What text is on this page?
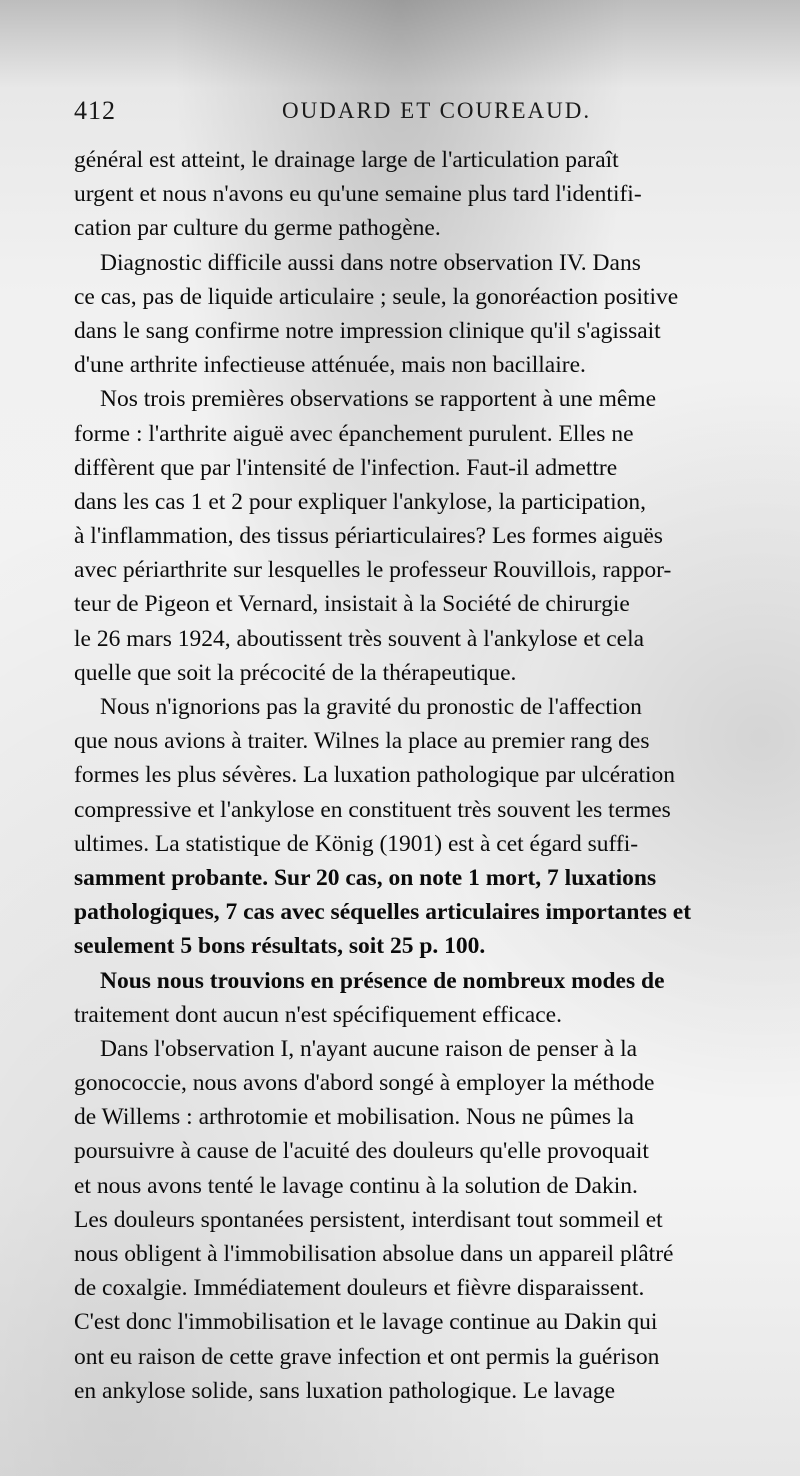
412	OUDARD ET COUREAUD.
général est atteint, le drainage large de l'articulation paraît
urgent et nous n'avons eu qu'une semaine plus tard l'identifi-
cation par culture du germe pathogène.
Diagnostic difficile aussi dans notre observation IV. Dans
ce cas, pas de liquide articulaire ; seule, la gonoréaction positive
dans le sang confirme notre impression clinique qu'il s'agissait
d'une arthrite infectieuse atténuée, mais non bacillaire.
Nos trois premières observations se rapportent à une même
forme : l'arthrite aiguë avec épanchement purulent. Elles ne
diffèrent que par l'intensité de l'infection. Faut-il admettre
dans les cas 1 et 2 pour expliquer l'ankylose, la participation,
à l'inflammation, des tissus périarticulaires? Les formes aiguës
avec périarthrite sur lesquelles le professeur Rouvillois, rappor-
teur de Pigeon et Vernard, insistait à la Société de chirurgie
le 26 mars 1924, aboutissent très souvent à l'ankylose et cela
quelle que soit la précocité de la thérapeutique.
Nous n'ignorions pas la gravité du pronostic de l'affection
que nous avions à traiter. Wilnes la place au premier rang des
formes les plus sévères. La luxation pathologique par ulcération
compressive et l'ankylose en constituent très souvent les termes
ultimes. La statistique de König (1901) est à cet égard suffi-
samment probante. Sur 20 cas, on note 1 mort, 7 luxations
pathologiques, 7 cas avec séquelles articulaires importantes et
seulement 5 bons résultats, soit 25 p. 100.
Nous nous trouvions en présence de nombreux modes de
traitement dont aucun n'est spécifiquement efficace.
Dans l'observation I, n'ayant aucune raison de penser à la
gonococcie, nous avons d'abord songé à employer la méthode
de Willems : arthrotomie et mobilisation. Nous ne pûmes la
poursuivre à cause de l'acuité des douleurs qu'elle provoquait
et nous avons tenté le lavage continu à la solution de Dakin.
Les douleurs spontanées persistent, interdisant tout sommeil et
nous obligent à l'immobilisation absolue dans un appareil plâtré
de coxalgie. Immédiatement douleurs et fièvre disparaissent.
C'est donc l'immobilisation et le lavage continue au Dakin qui
ont eu raison de cette grave infection et ont permis la guérison
en ankylose solide, sans luxation pathologique. Le lavage
